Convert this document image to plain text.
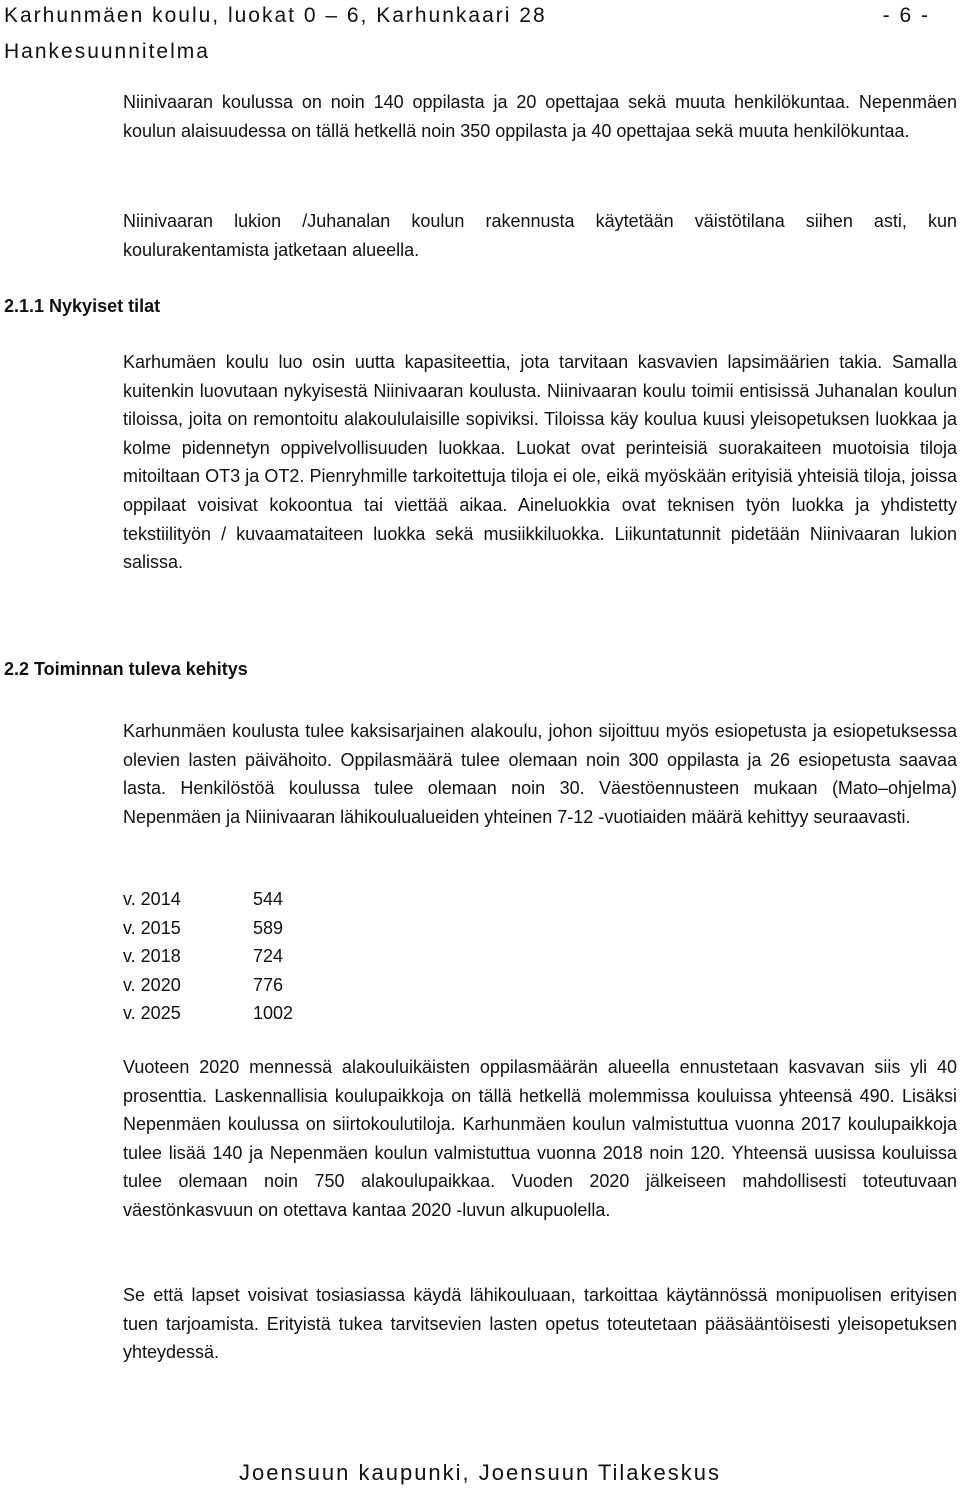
Karhunmäen koulu, luokat 0 – 6, Karhunkaari 28
Hankesuunnitelma
- 6 -
2.1.1 Nykyiset tilat
2.2 Toiminnan tuleva kehitys

Niinivaaran koulussa on noin 140 oppilasta ja 20 opettajaa sekä muuta henkilökuntaa. Nepenmäen koulun alaisuudessa on tällä hetkellä noin 350 oppilasta ja 40 opettajaa sekä muuta henkilökuntaa.

Niinivaaran lukion /Juhanalan koulun rakennusta käytetään väistötilana siihen asti, kun koulurakentamista jatketaan alueella.

Karhumäen koulu luo osin uutta kapasiteettia, jota tarvitaan kasvavien lapsimäärien takia. Samalla kuitenkin luovutaan nykyisestä Niinivaaran koulusta. Niinivaaran koulu toimii entisissä Juhanalan koulun tiloissa, joita on remontoitu alakoululaisille sopiviksi. Tiloissa käy koulua kuusi yleisopetuksen luokkaa ja kolme pidennetyn oppivelvollisuuden luokkaa. Luokat ovat perinteisiä suorakaiteen muotoisia tiloja mitoiltaan OT3 ja OT2. Pienryhmille tarkoitettuja tiloja ei ole, eikä myöskään erityisiä yhteisiä tiloja, joissa oppilaat voisivat kokoontua tai viettää aikaa. Aineluokkia ovat teknisen työn luokka ja yhdistetty tekstiilityön / kuvaamataiteen luokka sekä musiikkiluokka. Liikuntatunnit pidetään Niinivaaran lukion salissa.

Karhunmäen koulusta tulee kaksisarjainen alakoulu, johon sijoittuu myös esiopetusta ja esiopetuksessa olevien lasten päivähoito. Oppilasmäärä tulee olemaan noin 300 oppilasta ja 26 esiopetusta saavaa lasta. Henkilöstöä koulussa tulee olemaan noin 30. Väestöennusteen mukaan (Mato–ohjelma) Nepenmäen ja Niinivaaran lähikoulualueiden yhteinen 7-12 -vuotiaiden määrä kehittyy seuraavasti.

v. 2014	544
v. 2015	589
v. 2018	724
v. 2020	776
v. 2025	1002

Vuoteen 2020 mennessä alakouluikäisten oppilasmäärän alueella ennustetaan kasvavan siis yli 40 prosenttia. Laskennallisia koulupaikkoja on tällä hetkellä molemmissa kouluissa yhteensä 490. Lisäksi Nepenmäen koulussa on siirtokoulutiloja. Karhunmäen koulun valmistuttua vuonna 2017 koulupaikkoja tulee lisää 140 ja Nepenmäen koulun valmistuttua vuonna 2018 noin 120. Yhteensä uusissa kouluissa tulee olemaan noin 750 alakoulupaikkaa. Vuoden 2020 jälkeiseen mahdollisesti toteutuvaan väestönkasvuun on otettava kantaa 2020 -luvun alkupuolella.

Se että lapset voisivat tosiasiassa käydä lähikouluaan, tarkoittaa käytännössä monipuolisen erityisen tuen tarjoamista. Erityistä tukea tarvitsevien lasten opetus toteutetaan pääsääntöisesti yleisopetuksen yhteydessä.

Joensuun kaupunki, Joensuun Tilakeskus
